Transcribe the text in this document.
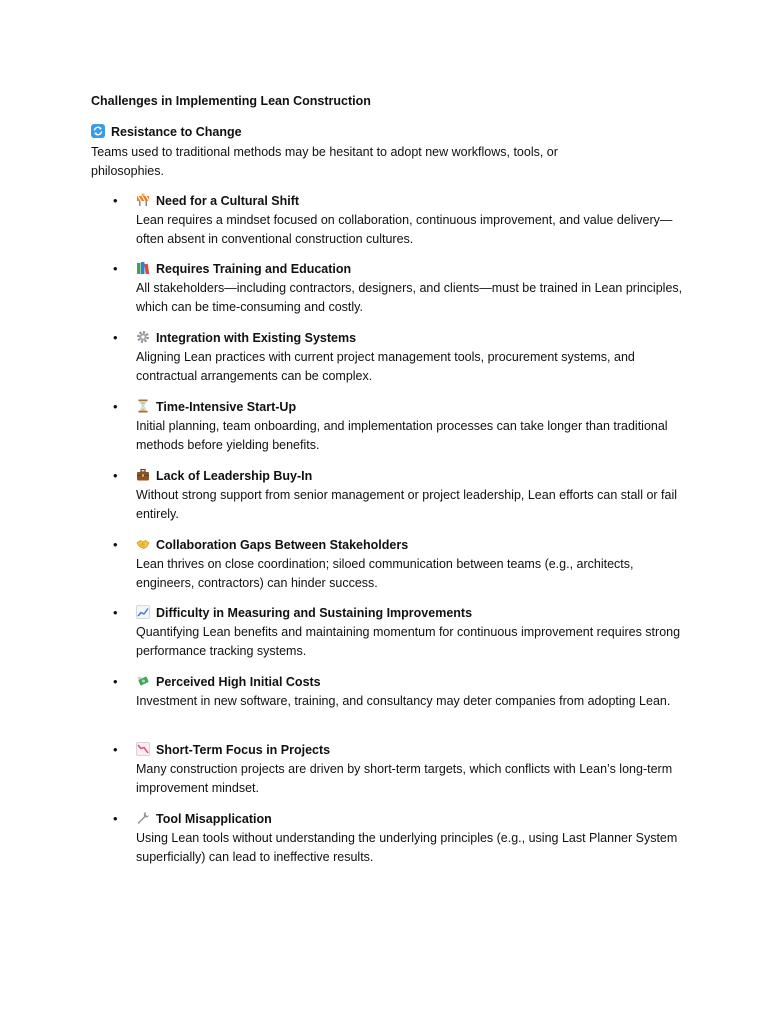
Challenges in Implementing Lean Construction
Resistance to Change
Teams used to traditional methods may be hesitant to adopt new workflows, tools, or philosophies.
•	Need for a Cultural Shift
Lean requires a mindset focused on collaboration, continuous improvement, and value delivery—often absent in conventional construction cultures.
•	Requires Training and Education
All stakeholders—including contractors, designers, and clients—must be trained in Lean principles, which can be time-consuming and costly.
•	Integration with Existing Systems
Aligning Lean practices with current project management tools, procurement systems, and contractual arrangements can be complex.
•	Time-Intensive Start-Up
Initial planning, team onboarding, and implementation processes can take longer than traditional methods before yielding benefits.
•	Lack of Leadership Buy-In
Without strong support from senior management or project leadership, Lean efforts can stall or fail entirely.
•	Collaboration Gaps Between Stakeholders
Lean thrives on close coordination; siloed communication between teams (e.g., architects, engineers, contractors) can hinder success.
•	Difficulty in Measuring and Sustaining Improvements
Quantifying Lean benefits and maintaining momentum for continuous improvement requires strong performance tracking systems.
•	Perceived High Initial Costs
Investment in new software, training, and consultancy may deter companies from adopting Lean.
•	Short-Term Focus in Projects
Many construction projects are driven by short-term targets, which conflicts with Lean’s long-term improvement mindset.
•	Tool Misapplication
Using Lean tools without understanding the underlying principles (e.g., using Last Planner System superficially) can lead to ineffective results.
